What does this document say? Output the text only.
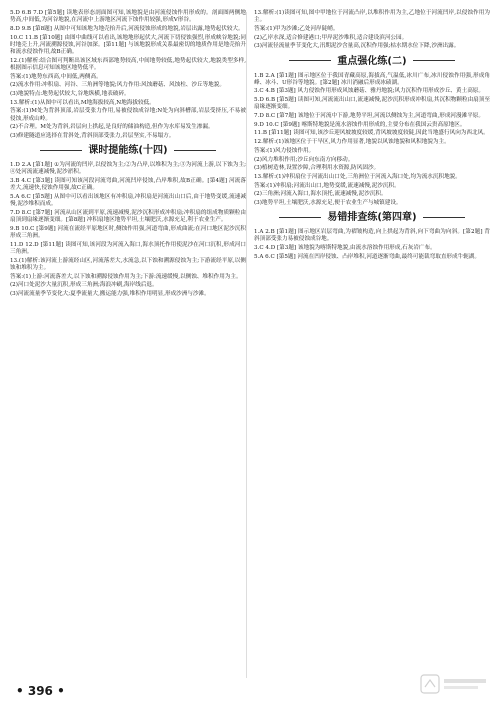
5.D 6.B 7.D [第5题] 读地表形态剖面图可知,该地貌是由河流侵蚀作用形成的。剖面图两侧地势高,中间低,为河谷地貌,在河流中上游地区河流下蚀作用较强,形成V形谷。

8.D 9.B [第8题] 从图中可知该地为地壳抬升后,河流侵蚀形成的地貌,岩层出露,地势起伏较大。

10.C 11.B [第10题] 由图中曲线可以看出,该地地形起伏大,河流下切侵蚀强烈,形成峡谷地貌;同时地壳上升,河流溯源侵蚀,河谷加深。[第11题] 与该地貌形成关系最密切的地质作用是地壳抬升和流水侵蚀作用,故B正确。

12.(1)解析:结合图可判断出该区域东西部地势较高,中间地势较低,地势起伏较大,地貌类型多样,根据图示信息可知该地区地势低平。

答案:(1)地势东西高,中间低,两侧高。

(2)流水作用:冲积扇、河谷、三角洲等地貌;风力作用:风蚀蘑菇、风蚀柱、沙丘等地貌。

(3)地貌特点:地势起伏较大,谷地纵横,地表破碎。

13.解析:(1)从图中可以看出,M地海拔较高,N地海拔较低。

答案:(1)M处为背斜顶部,岩层受张力作用,易被侵蚀成谷地;N处为向斜槽部,岩层受挤压,不易被侵蚀,形成山岭。

(2)不合理。M处为背斜,岩层向上拱起,是良好的储油构造,但作为水库易发生渗漏。

(3)修建隧道应选择在背斜处,背斜顶部受张力,岩层坚实,不易塌方。

课时提能练(十四)

1.D 2.A [第1题] ①为河流的凹岸,以侵蚀为主;②为凸岸,以堆积为主;③为河流上游,以下蚀为主;④处河流流速减慢,泥沙淤积。

3.B 4.C [第3题] 读图可知该河段河流弯曲,河流凹岸侵蚀,凸岸堆积,故B正确。[第4题] 河流落差大,流速快,侵蚀作用强,故C正确。

5.A 6.C [第5题] 从图中可以看出该地区有冲积扇,冲积扇是河流出山口后,由于地势变缓,流速减慢,泥沙堆积而成。

7.D 8.C [第7题] 河流从山区流到平原,流速减慢,泥沙沉积形成冲积扇;冲积扇的组成物质颗粒由扇顶到扇缘逐渐变细。[第8题] 冲积扇地区地势平坦,土壤肥沃,水源充足,利于农业生产。

9.B 10.C [第9题] 河流在流经平原地区时,侧蚀作用强,河道弯曲,形成曲流;在河口地区泥沙沉积形成三角洲。

11.D 12.D [第11题] 读图可知,该河段为河流入海口,海水顶托作用使泥沙在河口沉积,形成河口三角洲。

13.(1)解析:该河流上游流经山区,河流落差大,水流急,以下蚀和溯源侵蚀为主;下游流经平原,以侧蚀和堆积为主。

答案:(1)上游:河流落差大,以下蚀和溯源侵蚀作用为主;下游:流速缓慢,以侧蚀、堆积作用为主。

(2)河口处泥沙大量沉积,形成三角洲;海浪冲刷,海岸线后退。

(3)河流流量季节变化大;夏季流量大,搬运能力强,堆积作用明显,形成沙洲与沙滩。

• 396 •

13.解析:(1)读图可知,图中甲地位于河流凸岸,以堆积作用为主,乙地位于河流凹岸,以侵蚀作用为主。

答案:(1)甲为沙滩;乙处河岸陡峭。

(2)乙岸水深,适合修建港口;甲岸泥沙堆积,适合建设滨河公园。

(3)河流径流量季节变化大,汛期泥沙含量高,沉积作用强;枯水期水位下降,沙洲出露。

重点强化练(二)

1.B 2.A [第1题] 图示地区位于我国青藏高原,海拔高,气温低,冰川广布,冰川侵蚀作用强,形成角峰、冰斗、U形谷等地貌。[第2题] 冰川消融后形成冰碛湖。

3.C 4.B [第3题] 风力侵蚀作用形成风蚀蘑菇、雅丹地貌;风力沉积作用形成沙丘、黄土高原。

5.D 6.B [第5题] 读图可知,河流流出山口,流速减慢,泥沙沉积形成冲积扇,其沉积物颗粒由扇顶至扇缘逐渐变细。

7.D 8.C [第7题] 该地位于河流中下游,地势平坦,河流以侧蚀为主,河道弯曲,形成河漫滩平原。

9.D 10.C [第9题] 喀斯特地貌是流水溶蚀作用形成的,主要分布在我国云贵高原地区。

11.B [第11题] 读图可知,该沙丘迎风坡坡度较缓,背风坡坡度较陡,因此当地盛行风向为西北风。

12.解析:(1)该地区位于干旱区,风力作用显著,地貌以风蚀地貌和风积地貌为主。

答案:(1)风力侵蚀作用。

(2)风力堆积作用;沙丘向东南方向移动。

(3)植树造林,设置沙障,合理利用水资源,防风固沙。

13.解析:(1)冲积扇位于河流出山口处,三角洲位于河流入海口处,均为流水沉积地貌。

答案:(1)冲积扇;河流出山口,地势变缓,流速减慢,泥沙沉积。

(2)三角洲;河流入海口,海水顶托,流速减慢,泥沙沉积。

(3)地势平坦,土壤肥沃,水源充足,便于农业生产与城镇建设。

易错排查练(第四章)

1.A 2.B [第1题] 图示地区岩层弯曲,为褶皱构造,向上拱起为背斜,向下弯曲为向斜。[第2题] 背斜顶部受张力易被侵蚀成谷地。

3.C 4.D [第3题] 该地貌为喀斯特地貌,由流水溶蚀作用形成,石灰岩广布。

5.A 6.C [第5题] 河流在凹岸侵蚀、凸岸堆积,河道逐渐弯曲,最终可能裁弯取直形成牛轭湖。
